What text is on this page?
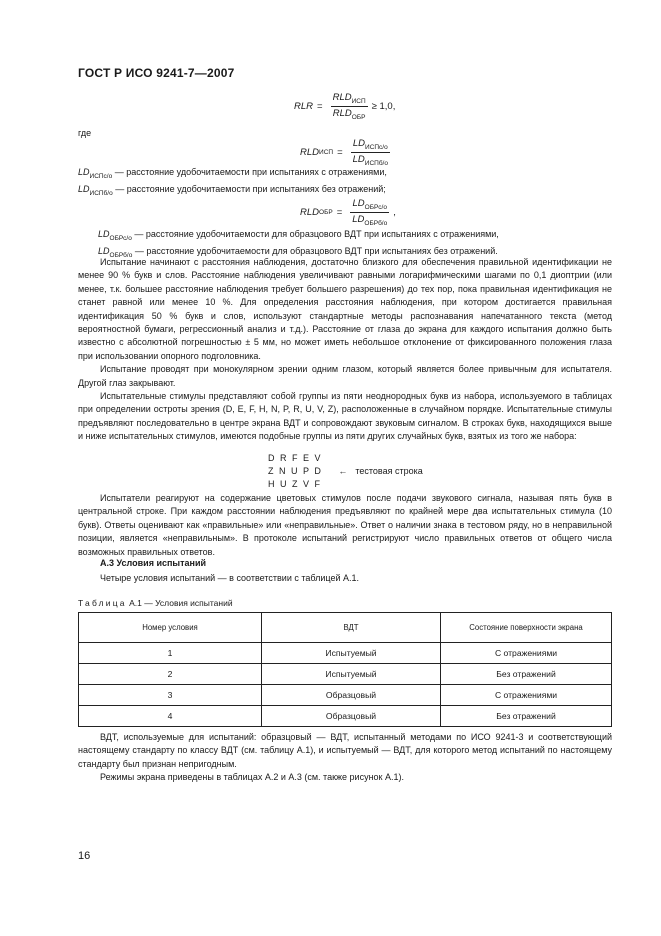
ГОСТ Р ИСО 9241-7—2007
RLR = $\frac{RLD_{ИСП}}{RLD_{ОБР}} \ge 1,0$,
где
RLD ИСП = $\frac{LD_{ИСПс/о}}{LD_{ИСПб/о}}$
$LD_{ИСПс/о}$ — расстояние удобочитаемости при испытаниях с отражениями,
$LD_{ИСПб/о}$ — расстояние удобочитаемости при испытаниях без отражений;
RLD ОБР = $\frac{LD_{ОБРс/о}}{LD_{ОБРб/о}}$ ,
$LD_{ОБРс/о}$ — расстояние удобочитаемости для образцового ВДТ при испытаниях с отражениями,
$LD_{ОБРб/о}$ — расстояние удобочитаемости для образцового ВДТ при испытаниях без отражений.

Испытание начинают с расстояния наблюдения, достаточно близкого для обеспечения правильной идентификации не менее 90 % букв и слов. Расстояние наблюдения увеличивают равными логарифмическими шагами по 0,1 диоптрии (или менее, т.к. большее расстояние наблюдения требует большего разрешения) до тех пор, пока правильная идентификация не станет равной или менее 10 %. Для определения расстояния наблюдения, при котором достигается правильная идентификация 50 % букв и слов, используют стандартные методы распознавания напечатанного текста (метод вероятностной бумаги, регрессионный анализ и т.д.). Расстояние от глаза до экрана для каждого испытания должно быть известно с абсолютной погрешностью ± 5 мм, но может иметь небольшое отклонение от фиксированного положения глаза при использовании опорного подголовника.

Испытание проводят при монокулярном зрении одним глазом, который является более привычным для испытателя. Другой глаз закрывают.

Испытательные стимулы представляют собой группы из пяти неоднородных букв из набора, используемого в таблицах при определении остроты зрения (D, E, F, H, N, P, R, U, V, Z), расположенные в случайном порядке. Испытательные стимулы предъявляют последовательно в центре экрана ВДТ и сопровождают звуковым сигналом. В строках букв, находящихся выше и ниже испытательных стимулов, имеются подобные группы из пяти других случайных букв, взятых из того же набора:

D R F E V
Z N U P D ← тестовая строка
H U Z V F

Испытатели реагируют на содержание цветовых стимулов после подачи звукового сигнала, называя пять букв в центральной строке. При каждом расстоянии наблюдения предъявляют по крайней мере два испытательных стимула (10 букв). Ответы оценивают как «правильные» или «неправильные». Ответ о наличии знака в тестовом ряду, но в неправильной позиции, является «неправильным». В протоколе испытаний регистрируют число правильных ответов от общего числа возможных правильных ответов.

А.3 Условия испытаний
Четыре условия испытаний — в соответствии с таблицей А.1.
Таблица А.1 — Условия испытаний
Номер условия	ВДТ	Состояние поверхности экрана
1	Испытуемый	С отражениями
2	Испытуемый	Без отражений
3	Образцовый	С отражениями
4	Образцовый	Без отражений

ВДТ, используемые для испытаний: образцовый — ВДТ, испытанный методами по ИСО 9241-3 и соответствующий настоящему стандарту по классу ВДТ (см. таблицу А.1), и испытуемый — ВДТ, для которого метод испытаний по настоящему стандарту был признан непригодным.

Режимы экрана приведены в таблицах А.2 и А.3 (см. также рисунок А.1).

16
